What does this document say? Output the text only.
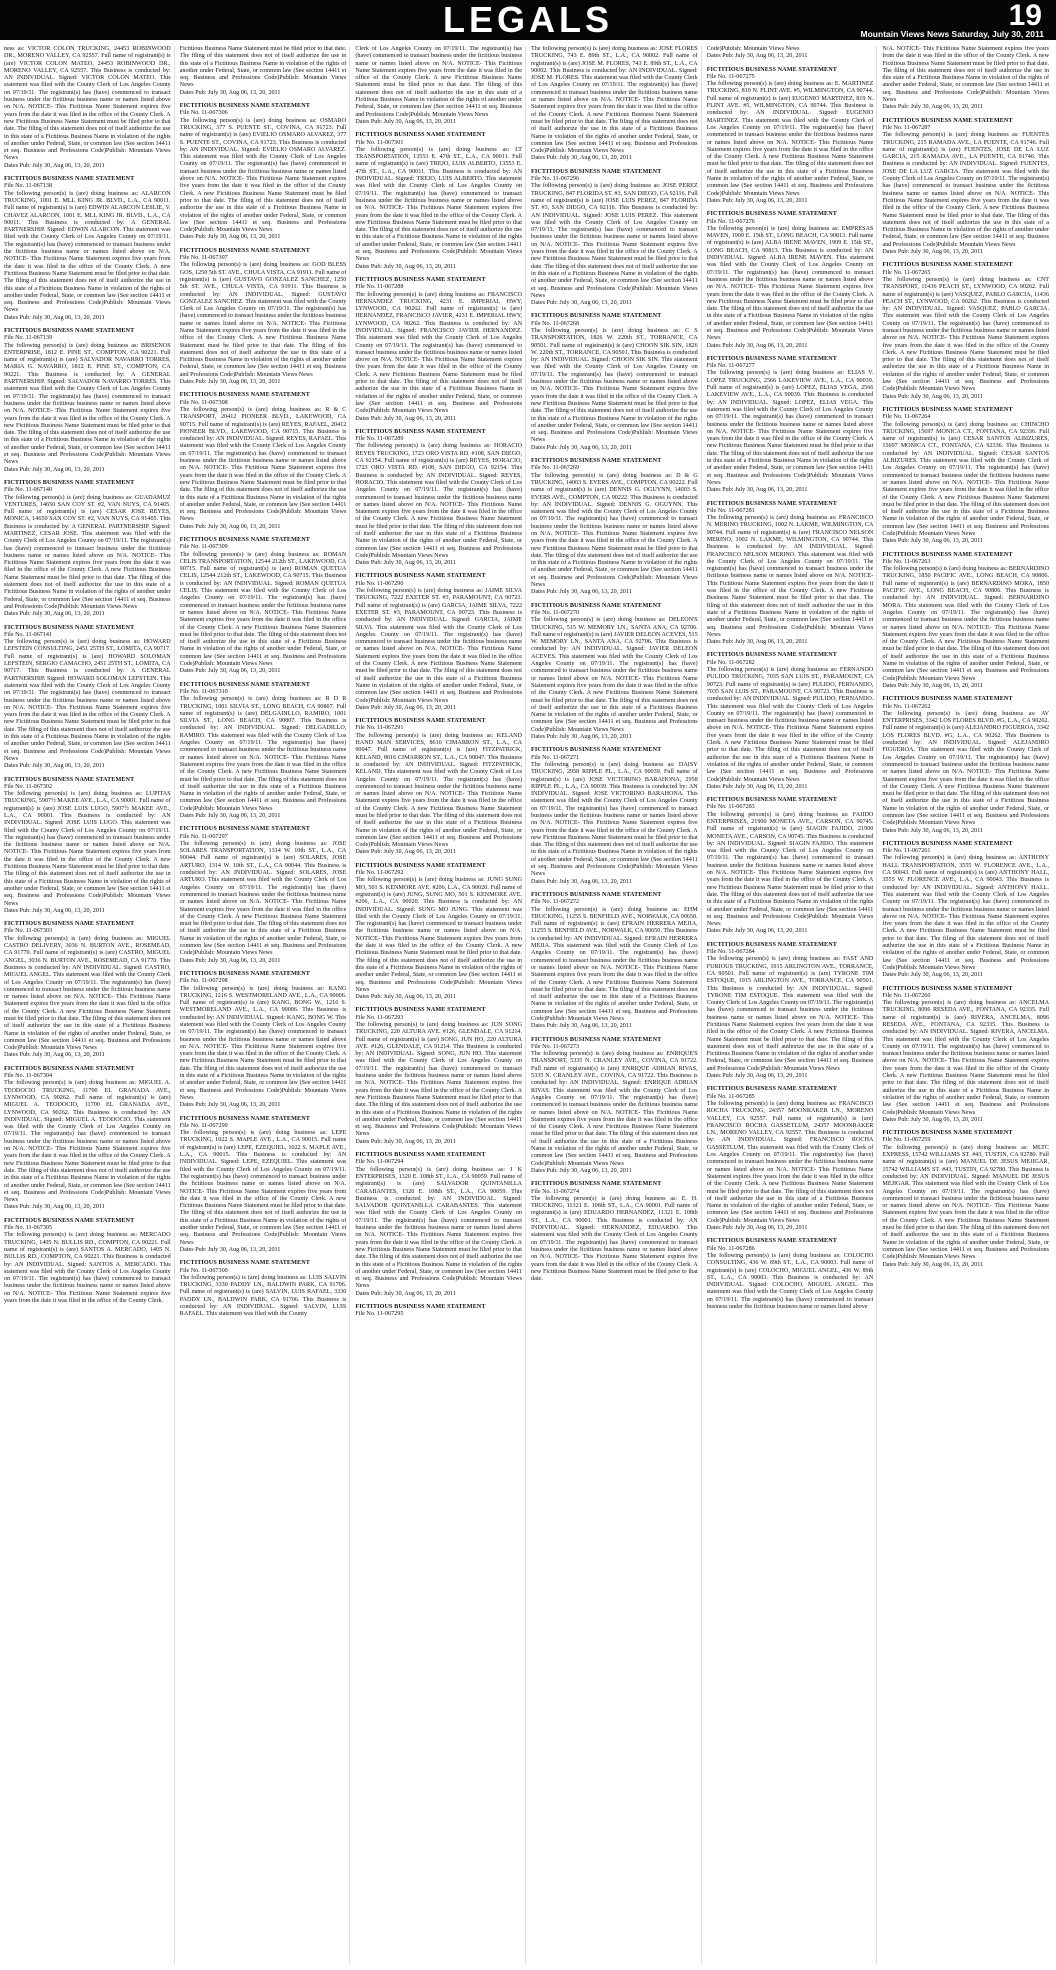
LEGALS	19
Mountain Views News Saturday, July 30, 2011
ness as: VICTOR COLON TRUCKING, 24453 ROBINWOOD DR., MORENO VALLEY, CA 92557. Full name of registrant(s) is (are) VICTOR COLON MATEO, 24453 ROBINWOOD DR., MORENO VALLEY, CA 92557. This Business is conducted by: AN INDIVIDUAL. Signed: VICTOR COLON MATEO. This statement was filed with the County Clerk of Los Angeles County on 07/19/11. The registrant(s) has (have) commenced to transact business under the fictitious business name or names listed above on N/A. NOTICE- This Fictitious Name Statement expires five years from the date it was filed in the office of the County Clerk. A new Fictitious Business Name Statement must be filed prior to that date. The filing of this statement does not of itself authorize the use in this state of a Fictitious Business Name in violation of the rights of another under Federal, State, or common law (See section 14411 et seq. Business and Professions Code)Publish: Mountain Views News
Dates Pub: July 30, Aug 06, 13, 20, 2011
FICTITIOUS BUSINESS NAME STATEMENT
File No. 11-067138
The following person(s) is (are) doing business as: ALARCON TRUCKING, 1001 E. MLL KING JR. BLVD., L.A., CA 90011. Full name of registrant(s) is (are) EDWIN ALARCON LESLIE, V. CHAVEZ ALARCON, 1001 E. MLL KING JR. BLVD., L.A., CA 90011. This Business is conducted by: A GENERAL PARTNERSHIP. Signed: EDWIN ALARCON. This statement was filed with the County Clerk of Los Angeles County on 07/19/11. The registrant(s) has (have) commenced to transact business under the fictitious business name or names listed above on N/A. NOTICE- This Fictitious Name Statement expires five years from the date it was filed in the office of the County Clerk. A new Fictitious Business Name Statement must be filed prior to that date. The filing of this statement does not of itself authorize the use in this state of a Fictitious Business Name in violation of the rights of another under Federal, State, or common law (See section 14411 et seq. Business and Professions Code)Publish: Mountain Views News
Dates Pub: July 30, Aug 06, 13, 20, 2011
FICTITIOUS BUSINESS NAME STATEMENT
File No. 11-067139
The following person(s) is (are) doing business as: BRISENOS ENTERPRISE, 1812 E. PINE ST., COMPTON, CA 90221. Full name of registrant(s) is (are) SALVADOR NAVARRO TORRES, MARIA G. NAVARRO, 1812 E. PINE ST., COMPTON, CA 90221. This Business is conducted by: A GENERAL PARTNERSHIP. Signed: SALVADOR NAVARRO TORRES. This statement was filed with the County Clerk of Los Angeles County on 07/19/11. The registrant(s) has (have) commenced to transact business under the fictitious business name or names listed above on N/A. NOTICE- This Fictitious Name Statement expires five years from the date it was filed in the office of the County Clerk. A new Fictitious Business Name Statement must be filed prior to that date. The filing of this statement does not of itself authorize the use in this state of a Fictitious Business Name in violation of the rights of another under Federal, State, or common law (See section 14411 et seq. Business and Professions Code)Publish: Mountain Views News
Dates Pub: July 30, Aug 06, 13, 20, 2011
FICTITIOUS BUSINESS NAME STATEMENT
File No. 11-067140
The following person(s) is (are) doing business as: GUADAMUZ VENTURES, 14650 SAN COY ST. #2, VAN NUYS, CA 91405. Full name of registrant(s) is (are) CESAR JOSE REYES, MONICA, 14650 SAN COY ST. #2, VAN NUYS, CA 91405. This Business is conducted by: A GENERAL PARTNERSHIP. Signed: MARTINEZ, CESAR JOSE. This statement was filed with the County Clerk of Los Angeles County on 07/19/11. The registrant(s) has (have) commenced to transact business under the fictitious business name or names listed above on N/A. NOTICE- This Fictitious Name Statement expires five years from the date it was filed in the office of the County Clerk. A new Fictitious Business Name Statement must be filed prior to that date. The filing of this statement does not of itself authorize the use in this state of a Fictitious Business Name in violation of the rights of another under Federal, State, or common law (See section 14411 et seq. Business and Professions Code)Publish: Mountain Views News
Dates Pub: July 30, Aug 06, 13, 20, 2011
FICTITIOUS BUSINESS NAME STATEMENT
File No. 11-067141
The following person(s) is (are) doing business as: HOWARD LEFSTEIN CONSULTING, 2451 25TH ST., LOMITA, CA 90717. Full name of registrant(s) is (are) HOWARD SOLOMAN LEFSTEIN, SERGIO CAMACHO, 2451 25TH ST., LOMITA, CA 90717. This Business is conducted by: A GENERAL PARTNERSHIP. Signed: HOWARD SOLOMAN LEFSTEIN. This statement was filed with the County Clerk of Los Angeles County on 07/19/11. The registrant(s) has (have) commenced to transact business under the fictitious business name or names listed above on N/A. NOTICE- This Fictitious Name Statement expires five years from the date it was filed in the office of the County Clerk. A new Fictitious Business Name Statement must be filed prior to that date. The filing of this statement does not of itself authorize the use in this state of a Fictitious Business Name in violation of the rights of another under Federal, State, or common law (See section 14411 et seq. Business and Professions Code)Publish: Mountain Views News
Dates Pub: July 30, Aug 06, 13, 20, 2011
FICTITIOUS BUSINESS NAME STATEMENT
File No. 11-067302
The following person(s) is (are) doing business as: LUPITAS TRUCKING, 5907½ MAKEE AVE., L.A., CA 90001. Full name of registrant(s) is (are) JOSE LUIS LUGO, 5907½ MAKEE AVE., L.A., CA 90001. This Business is conducted by: AN INDIVIDUAL. Signed: JOSE LUIS LUGO. This statement was filed with the County Clerk of Los Angeles County on 07/19/11. The registrant(s) has (have) commenced to transact business under the fictitious business name or names listed above on N/A. NOTICE- This Fictitious Name Statement expires five years from the date it was filed in the office of the County Clerk. A new Fictitious Business Name Statement must be filed prior to that date. The filing of this statement does not of itself authorize the use in this state of a Fictitious Business Name in violation of the rights of another under Federal, State, or common law (See section 14411 et seq. Business and Professions Code)Publish: Mountain Views News
Dates Pub: July 30, Aug 06, 13, 20, 2011
FICTITIOUS BUSINESS NAME STATEMENT
File No. 11-067303
The following person(s) is (are) doing business as: MIGUEL CASTRO DELIVERY, 3036 N. BURTON AVE., ROSEMEAD, CA 91770. Full name of registrant(s) is (are) CASTRO, MIGUEL ANGEL, 3036 N. BURTON AVE., ROSEMEAD, CA 91770. This Business is conducted by: AN INDIVIDUAL. Signed: CASTRO, MIGUEL ANGEL. This statement was filed with the County Clerk of Los Angeles County on 07/19/11. The registrant(s) has (have) commenced to transact business under the fictitious business name or names listed above on N/A. NOTICE- This Fictitious Name Statement expires five years from the date it was filed in the office of the County Clerk. A new Fictitious Business Name Statement must be filed prior to that date. The filing of this statement does not of itself authorize the use in this state of a Fictitious Business Name in violation of the rights of another under Federal, State, or common law (See section 14411 et seq. Business and Professions Code)Publish: Mountain Views News
Dates Pub: July 30, Aug 06, 13, 20, 2011
FICTITIOUS BUSINESS NAME STATEMENT
File No. 11-067304
The following person(s) is (are) doing business as: MIGUEL A. TEODOCIO TRUCKING, 11700 EL GRANADA AVE., LYNWOOD, CA 90262. Full name of registrant(s) is (are) MIGUEL A. TEODOCIO, 11700 EL GRANADA AVE., LYNWOOD, CA 90262. This Business is conducted by: AN INDIVIDUAL. Signed: MIGUEL A. TEODOCIO. This statement was filed with the County Clerk of Los Angeles County on 07/19/11. The registrant(s) has (have) commenced to transact business under the fictitious business name or names listed above on N/A. NOTICE- This Fictitious Name Statement expires five years from the date it was filed in the office of the County Clerk. A new Fictitious Business Name Statement must be filed prior to that date. The filing of this statement does not of itself authorize the use in this state of a Fictitious Business Name in violation of the rights of another under Federal, State, or common law (See section 14411 et seq. Business and Professions Code)Publish: Mountain Views News
Dates Pub: July 30, Aug 06, 13, 20, 2011
FICTITIOUS BUSINESS NAME STATEMENT
File No. 11-067305
The following person(s) is (are) doing business as: MERCADO TRUCKING, 1405 N. BULLIS RD., COMPTON, CA 90221. Full name of registrant(s) is (are) SANTOS A. MERCADO, 1405 N. BULLIS RD., COMPTON, CA 90221. This Business is conducted by: AN INDIVIDUAL. Signed: SANTOS A. MERCADO. This statement was filed with the County Clerk of Los Angeles County on 07/19/11. The registrant(s) has (have) commenced to transact business under the fictitious business name or names listed above on N/A. NOTICE- This Fictitious Name Statement expires five years from the date it was filed in the office of the County Clerk.
Fictitious Business Name Statement must be filed prior to that date. The filing of this statement does not of itself authorize the use in this state of a Fictitious Business Name in violation of the rights of another under Federal, State, or common law (See section 14411 et seq. Business and Professions Code)Publish: Mountain Views News
Dates Pub: July 30, Aug 06, 13, 20, 2011
FICTITIOUS BUSINESS NAME STATEMENT
File No. 11-067306
The following person(s) is (are) doing business as: OSMARO TRUCKING, 377 S. PUENTE ST., COVINA, CA 91723. Full name of registrant(s) is (are) EVIELIO OSMARO ALVAREZ, 377 S. PUENTE ST., COVINA, CA 91723. This Business is conducted by: AN INDIVIDUAL. Signed: EVIELIO OSMARO ALVAREZ. This statement was filed with the County Clerk of Los Angeles County on 07/19/11. The registrant(s) has (have) commenced to transact business under the fictitious business name or names listed above on N/A. NOTICE- This Fictitious Name Statement expires five years from the date it was filed in the office of the County Clerk. A new Fictitious Business Name Statement must be filed prior to that date. The filing of this statement does not of itself authorize the use in this state of a Fictitious Business Name in violation of the rights of another under Federal, State, or common law (See section 14411 et seq. Business and Professions Code)Publish: Mountain Views News
Dates Pub: July 30, Aug 06, 13, 20, 2011
FICTITIOUS BUSINESS NAME STATEMENT
File No. 11-067307
The following person(s) is (are) doing business as: GOD BLESS GOS, 1250 5th ST. AVE., CHULA VISTA, CA 91911. Full name of registrant(s) is (are) GUSTAVO GONZALEZ SANCHEZ, 1250 5th ST. AVE., CHULA VISTA, CA 91911. This Business is conducted by: AN INDIVIDUAL. Signed: GUSTAVO GONZALEZ SANCHEZ. This statement was filed with the County Clerk of Los Angeles County on 07/19/11. The registrant(s) has (have) commenced to transact business under the fictitious business name or names listed above on N/A. NOTICE- This Fictitious Name Statement expires five years from the date it was filed in the office of the County Clerk. A new Fictitious Business Name Statement must be filed prior to that date. The filing of this statement does not of itself authorize the use in this state of a Fictitious Business Name in violation of the rights of another under Federal, State, or common law (See section 14411 et seq. Business and Professions Code)Publish: Mountain Views News
Dates Pub: July 30, Aug 06, 13, 20, 2011
FICTITIOUS BUSINESS NAME STATEMENT
File No. 11-067308
The following person(s) is (are) doing business as: R & C TRANSPORT, 20412 PIONEER BLVD., LAKEWOOD, CA 90715. Full name of registrant(s) is (are) REYES, RAFAEL, 20412 PIONEER BLVD., LAKEWOOD, CA 90715. This Business is conducted by: AN INDIVIDUAL. Signed: REYES, RAFAEL. This statement was filed with the County Clerk of Los Angeles County on 07/19/11. The registrant(s) has (have) commenced to transact business under the fictitious business name or names listed above on N/A. NOTICE- This Fictitious Name Statement expires five years from the date it was filed in the office of the County Clerk. A new Fictitious Business Name Statement must be filed prior to that date. The filing of this statement does not of itself authorize the use in this state of a Fictitious Business Name in violation of the rights of another under Federal, State, or common law (See section 14411 et seq. Business and Professions Code)Publish: Mountain Views News
Dates Pub: July 30, Aug 06, 13, 20, 2011
FICTITIOUS BUSINESS NAME STATEMENT
File No. 11-067309
The following person(s) is (are) doing business as: ROMAN CELIS TRANSPORTATION, 12544 212th ST., LAKEWOOD, CA 90715. Full name of registrant(s) is (are) ROMAN QUETUA CELIS, 12544 212th ST., LAKEWOOD, CA 90715. This Business is conducted by: AN INDIVIDUAL. Signed: ROMAN QUETUA CELIS. This statement was filed with the County Clerk of Los Angeles County on 07/19/11. The registrant(s) has (have) commenced to transact business under the fictitious business name or names listed above on N/A. NOTICE- This Fictitious Name Statement expires five years from the date it was filed in the office of the County Clerk. A new Fictitious Business Name Statement must be filed prior to that date. The filing of this statement does not of itself authorize the use in this state of a Fictitious Business Name in violation of the rights of another under Federal, State, or common law (See section 14411 et seq. Business and Professions Code)Publish: Mountain Views News
Dates Pub: July 30, Aug 06, 13, 20, 2011
FICTITIOUS BUSINESS NAME STATEMENT
File No. 11-067310
The following person(s) is (are) doing business as: R D R TRUCKING, 1001 SILVIA ST., LONG BEACH, CA 90807. Full name of registrant(s) is (are) DELGADILLO, RAMIRO, 1001 SILVIA ST., LONG BEACH, CA 90807. This Business is conducted by: AN INDIVIDUAL. Signed: DELGADILLO, RAMIRO. This statement was filed with the County Clerk of Los Angeles County on 07/19/11. The registrant(s) has (have) commenced to transact business under the fictitious business name or names listed above on N/A. NOTICE- This Fictitious Name Statement expires five years from the date it was filed in the office of the County Clerk. A new Fictitious Business Name Statement must be filed prior to that date. The filing of this statement does not of itself authorize the use in this state of a Fictitious Business Name in violation of the rights of another under Federal, State, or common law (See section 14411 et seq. Business and Professions Code)Publish: Mountain Views News
Dates Pub: July 30, Aug 06, 13, 20, 2011
FICTITIOUS BUSINESS NAME STATEMENT
File No. 11-067297
The following person(s) is (are) doing business as: JOSE SOLARES TRANSPORTATION, 1314 W. 10th ST., L.A., CA 90044. Full name of registrant(s) is (are) SOLARES, JOSE ARTURO, 1314 W. 10th ST., L.A., CA 90044. This Business is conducted by: AN INDIVIDUAL. Signed: SOLARES, JOSE ARTURO. This statement was filed with the County Clerk of Los Angeles County on 07/19/11. The registrant(s) has (have) commenced to transact business under the fictitious business name or names listed above on N/A. NOTICE- This Fictitious Name Statement expires five years from the date it was filed in the office of the County Clerk. A new Fictitious Business Name Statement must be filed prior to that date. The filing of this statement does not of itself authorize the use in this state of a Fictitious Business Name in violation of the rights of another under Federal, State, or common law (See section 14411 et seq. Business and Professions Code)Publish: Mountain Views News
Dates Pub: July 30, Aug 06, 13, 20, 2011
FICTITIOUS BUSINESS NAME STATEMENT
File No. 11-067298
The following person(s) is (are) doing business as: KANG TRUCKING, 1216 S. WESTMORELAND AVE., L.A., CA 90006. Full name of registrant(s) is (are) KANG, BONG W., 1216 S. WESTMORELAND AVE., L.A., CA 90006. This Business is conducted by: AN INDIVIDUAL. Signed: KANG, BONG W. This statement was filed with the County Clerk of Los Angeles County on 07/19/11. The registrant(s) has (have) commenced to transact business under the fictitious business name or names listed above on N/A. NOTICE- This Fictitious Name Statement expires five years from the date it was filed in the office of the County Clerk. A new Fictitious Business Name Statement must be filed prior to that date. The filing of this statement does not of itself authorize the use in this state of a Fictitious Business Name in violation of the rights of another under Federal, State, or common law (See section 14411 et seq. Business and Professions Code)Publish: Mountain Views News
Dates Pub: July 30, Aug 06, 13, 20, 2011
FICTITIOUS BUSINESS NAME STATEMENT
File No. 11-067299
The following person(s) is (are) doing business as: LEPE TRUCKING, 1022 S. MAPLE AVE., L.A., CA 90015. Full name of registrant(s) is (are) LEPE, EZEQUIEL, 1022 S. MAPLE AVE., L.A., CA 90015. This Business is conducted by: AN INDIVIDUAL. Signed: LEPE, EZEQUIEL. This statement was filed with the County Clerk of Los Angeles County on 07/19/11. The registrant(s) has (have) commenced to transact business under the fictitious business name or names listed above on N/A. NOTICE- This Fictitious Name Statement expires five years from the date it was filed in the office of the County Clerk. A new Fictitious Business Name Statement must be filed prior to that date. The filing of this statement does not of itself authorize the use in this state of a Fictitious Business Name in violation of the rights of another under Federal, State, or common law (See section 14411 et seq. Business and Professions Code)Publish: Mountain Views News
Dates Pub: July 30, Aug 06, 13, 20, 2011
FICTITIOUS BUSINESS NAME STATEMENT
File No. 11-067300
The following person(s) is (are) doing business as: LUIS SALVIN TRUCKING, 3330 PADDY LN., BALDWIN PARK, CA 91706. Full name of registrant(s) is (are) SALVIN, LUIS RAFAEL, 3330 PADDY LN., BALDWIN PARK, CA 91706. This Business is conducted by: AN INDIVIDUAL. Signed: SALVIN, LUIS RAFAEL. This statement was filed with the County
Clerk of Los Angeles County on 07/19/11. The registrant(s) has (have) commenced to transact business under the fictitious business name or names listed above on N/A. NOTICE- This Fictitious Name Statement expires five years from the date it was filed in the office of the County Clerk. A new Fictitious Business Name Statement must be filed prior to that date. The filing of this statement does not of itself authorize the use in this state of a Fictitious Business Name in violation of the rights of another under Federal, State, or common law (See section 14411 et seq. Business and Professions Code)Publish: Mountain Views News
Dates Pub: July 30, Aug 06, 13, 20, 2011
FICTITIOUS BUSINESS NAME STATEMENT
File No. 11-067301
The following person(s) is (are) doing business as: LT TRANSPORTATION, 13553 E. 47th ST., L.A., CA 90011. Full name of registrant(s) is (are) TREJO, LUIS ALBERTO, 13553 E. 47th ST., L.A., CA 90011. This Business is conducted by: AN INDIVIDUAL. Signed: TREJO, LUIS ALBERTO. This statement was filed with the County Clerk of Los Angeles County on 07/19/11. The registrant(s) has (have) commenced to transact business under the fictitious business name or names listed above on N/A. NOTICE- This Fictitious Name Statement expires five years from the date it was filed in the office of the County Clerk. A new Fictitious Business Name Statement must be filed prior to that date. The filing of this statement does not of itself authorize the use in this state of a Fictitious Business Name in violation of the rights of another under Federal, State, or common law (See section 14411 et seq. Business and Professions Code)Publish: Mountain Views News
Dates Pub: July 30, Aug 06, 13, 20, 2011
FICTITIOUS BUSINESS NAME STATEMENT
File No. 11-067288
The following person(s) is (are) doing business as: FRANCISCO HERNANDEZ TRUCKING, 4231 E. IMPERIAL HWY, LYNWOOD, CA 90262. Full name of registrant(s) is (are) HERNANDEZ, FRANCISCO JAVIER, 4231 E. IMPERIAL HWY, LYNWOOD, CA 90262. This Business is conducted by: AN INDIVIDUAL. Signed: FRANCISCO JAVIER HERNANDEZ. This statement was filed with the County Clerk of Los Angeles County on 07/19/11. The registrant(s) has (have) commenced to transact business under the fictitious business name or names listed above on N/A. NOTICE- This Fictitious Name Statement expires five years from the date it was filed in the office of the County Clerk. A new Fictitious Business Name Statement must be filed prior to that date. The filing of this statement does not of itself authorize the use in this state of a Fictitious Business Name in violation of the rights of another under Federal, State, or common law (See section 14411 et seq. Business and Professions Code)Publish: Mountain Views News
Dates Pub: July 30, Aug 06, 13, 20, 2011
FICTITIOUS BUSINESS NAME STATEMENT
File No. 11-067289
The following person(s) is (are) doing business as: HORACIO REYES TRUCKING, 1723 ORO VISTA RD. #108, SAN DIEGO, CA 92154. Full name of registrant(s) is (are) REYES, HORACIO, 1723 ORO VISTA RD. #108, SAN DIEGO, CA 92154. This Business is conducted by: AN INDIVIDUAL. Signed: REYES, HORACIO. This statement was filed with the County Clerk of Los Angeles County on 07/19/11. The registrant(s) has (have) commenced to transact business under the fictitious business name or names listed above on N/A. NOTICE- This Fictitious Name Statement expires five years from the date it was filed in the office of the County Clerk. A new Fictitious Business Name Statement must be filed prior to that date. The filing of this statement does not of itself authorize the use in this state of a Fictitious Business Name in violation of the rights of another under Federal, State, or common law (See section 14411 et seq. Business and Professions Code)Publish: Mountain Views News
Dates Pub: July 30, Aug 06, 13, 20, 2011
FICTITIOUS BUSINESS NAME STATEMENT
File No. 11-067290
The following person(s) is (are) doing business as: JAIME SILVA TRUCKING, 7222 EXETER ST. #3, PARAMOUNT, CA 90723. Full name of registrant(s) is (are) GARCIA, JAIME SILVA, 7222 EXETER ST. #3, PARAMOUNT, CA 90723. This Business is conducted by: AN INDIVIDUAL. Signed: GARCIA, JAIME SILVA. This statement was filed with the County Clerk of Los Angeles County on 07/19/11. The registrant(s) has (have) commenced to transact business under the fictitious business name or names listed above on N/A. NOTICE- This Fictitious Name Statement expires five years from the date it was filed in the office of the County Clerk. A new Fictitious Business Name Statement must be filed prior to that date. The filing of this statement does not of itself authorize the use in this state of a Fictitious Business Name in violation of the rights of another under Federal, State, or common law (See section 14411 et seq. Business and Professions Code)Publish: Mountain Views News
Dates Pub: July 30, Aug 06, 13, 20, 2011
FICTITIOUS BUSINESS NAME STATEMENT
File No. 11-067291
The following person(s) is (are) doing business as: KELAND HAND MAN SERVICES, 8616 CIMARRON ST., L.A., CA 90047. Full name of registrant(s) is (are) FITZPATRICK, KELAND, 8616 CIMARRON ST., L.A., CA 90047. This Business is conducted by: AN INDIVIDUAL. Signed: FITZPATRICK, KELAND. This statement was filed with the County Clerk of Los Angeles County on 07/19/11. The registrant(s) has (have) commenced to transact business under the fictitious business name or names listed above on N/A. NOTICE- This Fictitious Name Statement expires five years from the date it was filed in the office of the County Clerk. A new Fictitious Business Name Statement must be filed prior to that date. The filing of this statement does not of itself authorize the use in this state of a Fictitious Business Name in violation of the rights of another under Federal, State, or common law (See section 14411 et seq. Business and Professions Code)Publish: Mountain Views News
Dates Pub: July 30, Aug 06, 13, 20, 2011
FICTITIOUS BUSINESS NAME STATEMENT
File No. 11-067292
The following person(s) is (are) doing business as: JUNG SUNG MO, 501 S. KENMORE AVE. #206, L.A., CA 90020. Full name of registrant(s) is (are) JUNG, SUNG MO, 501 S. KENMORE AVE. #206, L.A., CA 90020. This Business is conducted by: AN INDIVIDUAL. Signed: SUNG MO JUNG. This statement was filed with the County Clerk of Los Angeles County on 07/19/11. The registrant(s) has (have) commenced to transact business under the fictitious business name or names listed above on N/A. NOTICE- This Fictitious Name Statement expires five years from the date it was filed in the office of the County Clerk. A new Fictitious Business Name Statement must be filed prior to that date. The filing of this statement does not of itself authorize the use in this state of a Fictitious Business Name in violation of the rights of another under Federal, State, or common law (See section 14411 et seq. Business and Professions Code)Publish: Mountain Views News
Dates Pub: July 30, Aug 06, 13, 20, 2011
FICTITIOUS BUSINESS NAME STATEMENT
File No. 11-067293
The following person(s) is (are) doing business as: JUN SONG TRUCKING, 220 ALTURA AVE. #126, GLENDALE, CA 91214. Full name of registrant(s) is (are) SONG, JUN HO, 220 ALTURA AVE. #126, GLENDALE, CA 91214. This Business is conducted by: AN INDIVIDUAL. Signed: SONG, JUN HO. This statement was filed with the County Clerk of Los Angeles County on 07/19/11. The registrant(s) has (have) commenced to transact business under the fictitious business name or names listed above on N/A. NOTICE- This Fictitious Name Statement expires five years from the date it was filed in the office of the County Clerk. A new Fictitious Business Name Statement must be filed prior to that date. The filing of this statement does not of itself authorize the use in this state of a Fictitious Business Name in violation of the rights of another under Federal, State, or common law (See section 14411 et seq. Business and Professions Code)Publish: Mountain Views News
Dates Pub: July 30, Aug 06, 13, 20, 2011
FICTITIOUS BUSINESS NAME STATEMENT
File No. 11-067294
The following person(s) is (are) doing business as: J K ENTERPRISES, 1320 E. 108th ST., L.A., CA 90059. Full name of registrant(s) is (are) SALVADOR QUINTANILLA CARABANTES, 1320 E. 108th ST., L.A., CA 90059. This Business is conducted by: AN INDIVIDUAL. Signed: SALVADOR QUINTANILLA CARABANTES. This statement was filed with the County Clerk of Los Angeles County on 07/19/11. The registrant(s) has (have) commenced to transact business under the fictitious business name or names listed above on N/A. NOTICE- This Fictitious Name Statement expires five years from the date it was filed in the office of the County Clerk. A new Fictitious Business Name Statement must be filed prior to that date. The filing of this statement does not of itself authorize the use in this state of a Fictitious Business Name in violation of the rights of another under Federal, State, or common law (See section 14411 et seq. Business and Professions Code)Publish: Mountain Views News
Dates Pub: July 30, Aug 06, 13, 20, 2011
FICTITIOUS BUSINESS NAME STATEMENT
File No. 11-067295
The following person(s) is (are) doing business as: JOSE FLORES TRUCKING, 743 E. 89th ST., L.A., CA 90002. Full name of registrant(s) is (are) JOSE M. FLORES, 743 E. 89th ST., L.A., CA 90002. This Business is conducted by: AN INDIVIDUAL. Signed: JOSE M. FLORES. This statement was filed with the County Clerk of Los Angeles County on 07/19/11. The registrant(s) has (have) commenced to transact business under the fictitious business name or names listed above on N/A. NOTICE- This Fictitious Name Statement expires five years from the date it was filed in the office of the County Clerk. A new Fictitious Business Name Statement must be filed prior to that date. The filing of this statement does not of itself authorize the use in this state of a Fictitious Business Name in violation of the rights of another under Federal, State, or common law (See section 14411 et seq. Business and Professions Code)Publish: Mountain Views News
Dates Pub: July 30, Aug 06, 13, 20, 2011
FICTITIOUS BUSINESS NAME STATEMENT
File No. 11-067296
The following person(s) is (are) doing business as: JOSE PEREZ TRUCKING, 847 FLORIDA ST. #3, SAN DIEGO, CA 92116. Full name of registrant(s) is (are) JOSE LUIS PEREZ, 847 FLORIDA ST. #3, SAN DIEGO, CA 92116. This Business is conducted by: AN INDIVIDUAL. Signed: JOSE LUIS PEREZ. This statement was filed with the County Clerk of Los Angeles County on 07/19/11. The registrant(s) has (have) commenced to transact business under the fictitious business name or names listed above on N/A. NOTICE- This Fictitious Name Statement expires five years from the date it was filed in the office of the County Clerk. A new Fictitious Business Name Statement must be filed prior to that date. The filing of this statement does not of itself authorize the use in this state of a Fictitious Business Name in violation of the rights of another under Federal, State, or common law (See section 14411 et seq. Business and Professions Code)Publish: Mountain Views News
Dates Pub: July 30, Aug 06, 13, 20, 2011
FICTITIOUS BUSINESS NAME STATEMENT
File No. 11-067268
The following person(s) is (are) doing business as: C S TRANSPORTATION, 1826 W. 220th ST., TORRANCE, CA 90501. Full name of registrant(s) is (are) CHOON SIK SIN, 1826 W. 220th ST., TORRANCE, CA 90501. This Business is conducted by: AN INDIVIDUAL. Signed: CHOON SIK SIN. This statement was filed with the County Clerk of Los Angeles County on 07/19/11. The registrant(s) has (have) commenced to transact business under the fictitious business name or names listed above on N/A. NOTICE- This Fictitious Name Statement expires five years from the date it was filed in the office of the County Clerk. A new Fictitious Business Name Statement must be filed prior to that date. The filing of this statement does not of itself authorize the use in this state of a Fictitious Business Name in violation of the rights of another under Federal, State, or common law (See section 14411 et seq. Business and Professions Code)Publish: Mountain Views News
Dates Pub: July 30, Aug 06, 13, 20, 2011
FICTITIOUS BUSINESS NAME STATEMENT
File No. 11-067269
The following person(s) is (are) doing business as: D & G TRUCKING, 14003 S. EVERS AVE., COMPTON, CA 90222. Full name of registrant(s) is (are) DENNIS G. OGUYNN, 14003 S. EVERS AVE., COMPTON, CA 90222. This Business is conducted by: AN INDIVIDUAL. Signed: DENNIS G. OGUYNN. This statement was filed with the County Clerk of Los Angeles County on 07/19/11. The registrant(s) has (have) commenced to transact business under the fictitious business name or names listed above on N/A. NOTICE- This Fictitious Name Statement expires five years from the date it was filed in the office of the County Clerk. A new Fictitious Business Name Statement must be filed prior to that date. The filing of this statement does not of itself authorize the use in this state of a Fictitious Business Name in violation of the rights of another under Federal, State, or common law (See section 14411 et seq. Business and Professions Code)Publish: Mountain Views News
Dates Pub: July 30, Aug 06, 13, 20, 2011
FICTITIOUS BUSINESS NAME STATEMENT
File No. 11-067270
The following person(s) is (are) doing business as: DELEON'S TRUCKING, 515 W. MEMORY LN., SANTA ANA, CA 92706. Full name of registrant(s) is (are) JAVIER DELEON ACEVES, 515 W. MEMORY LN., SANTA ANA, CA 92706. This Business is conducted by: AN INDIVIDUAL. Signed: JAVIER DELEON ACEVES. This statement was filed with the County Clerk of Los Angeles County on 07/19/11. The registrant(s) has (have) commenced to transact business under the fictitious business name or names listed above on N/A. NOTICE- This Fictitious Name Statement expires five years from the date it was filed in the office of the County Clerk. A new Fictitious Business Name Statement must be filed prior to that date. The filing of this statement does not of itself authorize the use in this state of a Fictitious Business Name in violation of the rights of another under Federal, State, or common law (See section 14411 et seq. Business and Professions Code)Publish: Mountain Views News
Dates Pub: July 30, Aug 06, 13, 20, 2011
FICTITIOUS BUSINESS NAME STATEMENT
File No. 11-067271
The following person(s) is (are) doing business as: DAISY TRUCKING, 2958 RIPPLE PL., L.A., CA 90039. Full name of registrant(s) is (are) JOSE VICTORINO BARAHONA, 2958 RIPPLE PL., L.A., CA 90039. This Business is conducted by: AN INDIVIDUAL. Signed: JOSE VICTORINO BARAHONA. This statement was filed with the County Clerk of Los Angeles County on 07/19/11. The registrant(s) has (have) commenced to transact business under the fictitious business name or names listed above on N/A. NOTICE- This Fictitious Name Statement expires five years from the date it was filed in the office of the County Clerk. A new Fictitious Business Name Statement must be filed prior to that date. The filing of this statement does not of itself authorize the use in this state of a Fictitious Business Name in violation of the rights of another under Federal, State, or common law (See section 14411 et seq. Business and Professions Code)Publish: Mountain Views News
Dates Pub: July 30, Aug 06, 13, 20, 2011
FICTITIOUS BUSINESS NAME STATEMENT
File No. 11-067272
The following person(s) is (are) doing business as: EHM TRUCKING, 11255 S. BENFIELD AVE., NORWALK, CA 90650. Full name of registrant(s) is (are) EFRAIN HERRERA MEJIA, 11255 S. BENFIELD AVE., NORWALK, CA 90650. This Business is conducted by: AN INDIVIDUAL. Signed: EFRAIN HERRERA MEJIA. This statement was filed with the County Clerk of Los Angeles County on 07/19/11. The registrant(s) has (have) commenced to transact business under the fictitious business name or names listed above on N/A. NOTICE- This Fictitious Name Statement expires five years from the date it was filed in the office of the County Clerk. A new Fictitious Business Name Statement must be filed prior to that date. The filing of this statement does not of itself authorize the use in this state of a Fictitious Business Name in violation of the rights of another under Federal, State, or common law (See section 14411 et seq. Business and Professions Code)Publish: Mountain Views News
Dates Pub: July 30, Aug 06, 13, 20, 2011
FICTITIOUS BUSINESS NAME STATEMENT
File No. 11-067273
The following person(s) is (are) doing business as: ENRIQUE'S TRANSPORT, 5335 N. CRANLEY AVE., COVINA, CA 91722. Full name of registrant(s) is (are) ENRIQUE ADRIAN RIVAS, 5335 N. CRANLEY AVE., COVINA, CA 91722. This Business is conducted by: AN INDIVIDUAL. Signed: ENRIQUE ADRIAN RIVAS. This statement was filed with the County Clerk of Los Angeles County on 07/19/11. The registrant(s) has (have) commenced to transact business under the fictitious business name or names listed above on N/A. NOTICE- This Fictitious Name Statement expires five years from the date it was filed in the office of the County Clerk. A new Fictitious Business Name Statement must be filed prior to that date. The filing of this statement does not of itself authorize the use in this state of a Fictitious Business Name in violation of the rights of another under Federal, State, or common law (See section 14411 et seq. Business and Professions Code)Publish: Mountain Views News
Dates Pub: July 30, Aug 06, 13, 20, 2011
FICTITIOUS BUSINESS NAME STATEMENT
File No. 11-067274
The following person(s) is (are) doing business as: E. H. TRUCKING, 11321 E. 108th ST., L.A., CA 90001. Full name of registrant(s) is (are) EDUARDO HERNANDEZ, 11321 E. 108th ST., L.A., CA 90001. This Business is conducted by: AN INDIVIDUAL. Signed: HERNANDEZ, EDUARDO. This statement was filed with the County Clerk of Los Angeles County on 07/19/11. The registrant(s) has (have) commenced to transact business under the fictitious business name or names listed above on N/A. NOTICE- This Fictitious Name Statement expires five years from the date it was filed in the office of the County Clerk. A new Fictitious Business Name Statement must be filed prior to that date.
Code)Publish: Mountain Views News
Dates Pub: July 30, Aug 06, 13, 20, 2011
FICTITIOUS BUSINESS NAME STATEMENT
File No. 11-067275
The following person(s) is (are) doing business as: E. MARTINEZ TRUCKING, 819 N. FLINT AVE. #5, WILMINGTON, CA 90744. Full name of registrant(s) is (are) EUGENIO MARTINEZ, 819 N. FLINT AVE. #5, WILMINGTON, CA 90744. This Business is conducted by: AN INDIVIDUAL. Signed: EUGENIO MARTINEZ. This statement was filed with the County Clerk of Los Angeles County on 07/19/11. The registrant(s) has (have) commenced to transact business under the fictitious business name or names listed above on N/A. NOTICE- This Fictitious Name Statement expires five years from the date it was filed in the office of the County Clerk. A new Fictitious Business Name Statement must be filed prior to that date. The filing of this statement does not of itself authorize the use in this state of a Fictitious Business Name in violation of the rights of another under Federal, State, or common law (See section 14411 et seq. Business and Professions Code)Publish: Mountain Views News
Dates Pub: July 30, Aug 06, 13, 20, 2011
FICTITIOUS BUSINESS NAME STATEMENT
File No. 11-067276
The following person(s) is (are) doing business as: EMPRESAS MAVEN, 1909 E. 15th ST., LONG BEACH, CA 90813. Full name of registrant(s) is (are) ALBA IRENE MAVEN, 1909 E. 15th ST., LONG BEACH, CA 90813. This Business is conducted by: AN INDIVIDUAL. Signed: ALBA IRENE MAVEN. This statement was filed with the County Clerk of Los Angeles County on 07/19/11. The registrant(s) has (have) commenced to transact business under the fictitious business name or names listed above on N/A. NOTICE- This Fictitious Name Statement expires five years from the date it was filed in the office of the County Clerk. A new Fictitious Business Name Statement must be filed prior to that date. The filing of this statement does not of itself authorize the use in this state of a Fictitious Business Name in violation of the rights of another under Federal, State, or common law (See section 14411 et seq. Business and Professions Code)Publish: Mountain Views News
Dates Pub: July 30, Aug 06, 13, 20, 2011
FICTITIOUS BUSINESS NAME STATEMENT
File No. 11-067277
The following person(s) is (are) doing business as: ELIAS V. LOPEZ TRUCKING, 2566 LAKEVIEW AVE., L.A., CA 90039. Full name of registrant(s) is (are) LOPEZ, ELIAS VEGA, 2566 LAKEVIEW AVE., L.A., CA 90039. This Business is conducted by: AN INDIVIDUAL. Signed: LOPEZ, ELIAS VEGA. This statement was filed with the County Clerk of Los Angeles County on 07/19/11. The registrant(s) has (have) commenced to transact business under the fictitious business name or names listed above on N/A. NOTICE- This Fictitious Name Statement expires five years from the date it was filed in the office of the County Clerk. A new Fictitious Business Name Statement must be filed prior to that date. The filing of this statement does not of itself authorize the use in this state of a Fictitious Business Name in violation of the rights of another under Federal, State, or common law (See section 14411 et seq. Business and Professions Code)Publish: Mountain Views News
Dates Pub: July 30, Aug 06, 13, 20, 2011
FICTITIOUS BUSINESS NAME STATEMENT
File No. 11-067281
The following person(s) is (are) doing business as: FRANCISCO N. MERINO TRUCKING, 1002 N. LAKME, WILMINGTON, CA 90744. Full name of registrant(s) is (are) FRANCISCO NELSON MERINO, 1002 N. LAKME, WILMINGTON, CA 90744. This Business is conducted by: AN INDIVIDUAL. Signed: FRANCISCO NELSON MERINO. This statement was filed with the County Clerk of Los Angeles County on 07/19/11. The registrant(s) has (have) commenced to transact business under the fictitious business name or names listed above on N/A. NOTICE- This Fictitious Name Statement expires five years from the date it was filed in the office of the County Clerk. A new Fictitious Business Name Statement must be filed prior to that date. The filing of this statement does not of itself authorize the use in this state of a Fictitious Business Name in violation of the rights of another under Federal, State, or common law (See section 14411 et seq. Business and Professions Code)Publish: Mountain Views News
Dates Pub: July 30, Aug 06, 13, 20, 2011
FICTITIOUS BUSINESS NAME STATEMENT
File No. 11-067282
The following person(s) is (are) doing business as: FERNANDO PULIDO TRUCKING, 7035 SAN LUIS ST., PARAMOUNT, CA 90723. Full name of registrant(s) is (are) PULIDO, FERNANDO, 7035 SAN LUIS ST., PARAMOUNT, CA 90723. This Business is conducted by: AN INDIVIDUAL. Signed: PULIDO, FERNANDO. This statement was filed with the County Clerk of Los Angeles County on 07/19/11. The registrant(s) has (have) commenced to transact business under the fictitious business name or names listed above on N/A. NOTICE- This Fictitious Name Statement expires five years from the date it was filed in the office of the County Clerk. A new Fictitious Business Name Statement must be filed prior to that date. The filing of this statement does not of itself authorize the use in this state of a Fictitious Business Name in violation of the rights of another under Federal, State, or common law (See section 14411 et seq. Business and Professions Code)Publish: Mountain Views News
Dates Pub: July 30, Aug 06, 13, 20, 2011
FICTITIOUS BUSINESS NAME STATEMENT
File No. 11-067283
The following person(s) is (are) doing business as: FAJIDO ENTERPRISES, 21900 MONETA AVE., CARSON, CA 90745. Full name of registrant(s) is (are) SIAGIN FAJIDO, 21900 MONETA AVE., CARSON, CA 90745. This Business is conducted by: AN INDIVIDUAL. Signed: SIAGIN FAJIDO. This statement was filed with the County Clerk of Los Angeles County on 07/19/11. The registrant(s) has (have) commenced to transact business under the fictitious business name or names listed above on N/A. NOTICE- This Fictitious Name Statement expires five years from the date it was filed in the office of the County Clerk. A new Fictitious Business Name Statement must be filed prior to that date. The filing of this statement does not of itself authorize the use in this state of a Fictitious Business Name in violation of the rights of another under Federal, State, or common law (See section 14411 et seq. Business and Professions Code)Publish: Mountain Views News
Dates Pub: July 30, Aug 06, 13, 20, 2011
FICTITIOUS BUSINESS NAME STATEMENT
File No. 11-067284
The following person(s) is (are) doing business as: FAST AND FURIOUS TRUCKING, 1915 ARLINGTON AVE., TORRANCE, CA 90501. Full name of registrant(s) is (are) TYRONE TIM ESTOQUE, 1915 ARLINGTON AVE., TORRANCE, CA 90501. This Business is conducted by: AN INDIVIDUAL. Signed: TYRONE TIM ESTOQUE. This statement was filed with the County Clerk of Los Angeles County on 07/19/11. The registrant(s) has (have) commenced to transact business under the fictitious business name or names listed above on N/A. NOTICE- This Fictitious Name Statement expires five years from the date it was filed in the office of the County Clerk. A new Fictitious Business Name Statement must be filed prior to that date. The filing of this statement does not of itself authorize the use in this state of a Fictitious Business Name in violation of the rights of another under Federal, State, or common law (See section 14411 et seq. Business and Professions Code)Publish: Mountain Views News
Dates Pub: July 30, Aug 06, 13, 20, 2011
FICTITIOUS BUSINESS NAME STATEMENT
File No. 11-067285
The following person(s) is (are) doing business as: FRANCISCO ROCHA TRUCKING, 24357 MOONRAKER LN., MORENO VALLEY, CA 92557. Full name of registrant(s) is (are) FRANCISCO ROCHA GASSETLUM, 24357 MOONRAKER LN., MORENO VALLEY, CA 92557. This Business is conducted by: AN INDIVIDUAL. Signed: FRANCISCO ROCHA GASSETLUM. This statement was filed with the County Clerk of Los Angeles County on 07/19/11. The registrant(s) has (have) commenced to transact business under the fictitious business name or names listed above on N/A. NOTICE- This Fictitious Name Statement expires five years from the date it was filed in the office of the County Clerk. A new Fictitious Business Name Statement must be filed prior to that date. The filing of this statement does not of itself authorize the use in this state of a Fictitious Business Name in violation of the rights of another under Federal, State, or common law (See section 14411 et seq. Business and Professions Code)Publish: Mountain Views News
Dates Pub: July 30, Aug 06, 13, 20, 2011
FICTITIOUS BUSINESS NAME STATEMENT
File No. 11-067286
The following person(s) is (are) doing business as: COLOCHO CONSULTING, 436 W. 89th ST., L.A., CA 90003. Full name of registrant(s) is (are) COLOCHO, MIGUEL ANGEL, 436 W. 89th ST., L.A., CA 90003. This Business is conducted by: AN INDIVIDUAL. Signed: COLOCHO, MIGUEL ANGEL. This statement was filed with the County Clerk of Los Angeles County on 07/19/11. The registrant(s) has (have) commenced to transact business under the fictitious business name or names listed above
N/A. NOTICE- This Fictitious Name Statement expires five years from the date it was filed in the office of the County Clerk. A new Fictitious Business Name Statement must be filed prior to that date. The filing of this statement does not of itself authorize the use in this state of a Fictitious Business Name in violation of the rights of another under Federal, State, or common law (See section 14411 et seq. Business and Professions Code)Publish: Mountain Views News
Dates Pub: July 30, Aug 06, 13, 20, 2011
FICTITIOUS BUSINESS NAME STATEMENT
File No. 11-067287
The following person(s) is (are) doing business as: FUENTES TRUCKING, 215 RAMADA AVE., LA PUENTE, CA 91746. Full name of registrant(s) is (are) FUENTES, JOSE DE LA LUZ GARCIA, 215 RAMADA AVE., LA PUENTE, CA 91746. This Business is conducted by: AN INDIVIDUAL. Signed: FUENTES, JOSE DE LA LUZ GARCIA. This statement was filed with the County Clerk of Los Angeles County on 07/19/11. The registrant(s) has (have) commenced to transact business under the fictitious business name or names listed above on N/A. NOTICE- This Fictitious Name Statement expires five years from the date it was filed in the office of the County Clerk. A new Fictitious Business Name Statement must be filed prior to that date. The filing of this statement does not of itself authorize the use in this state of a Fictitious Business Name in violation of the rights of another under Federal, State, or common law (See section 14411 et seq. Business and Professions Code)Publish: Mountain Views News
Dates Pub: July 30, Aug 06, 13, 20, 2011
FICTITIOUS BUSINESS NAME STATEMENT
File No. 11-067265
The following person(s) is (are) doing business as: CNT TRANSPORT, 11436 PEACH ST., LYNWOOD, CA 90262. Full name of registrant(s) is (are) VASQUEZ, PABLO GARCIA, 11436 PEACH ST., LYNWOOD, CA 90262. This Business is conducted by: AN INDIVIDUAL. Signed: VASQUEZ, PABLO GARCIA. This statement was filed with the County Clerk of Los Angeles County on 07/19/11. The registrant(s) has (have) commenced to transact business under the fictitious business name or names listed above on N/A. NOTICE- This Fictitious Name Statement expires five years from the date it was filed in the office of the County Clerk. A new Fictitious Business Name Statement must be filed prior to that date. The filing of this statement does not of itself authorize the use in this state of a Fictitious Business Name in violation of the rights of another under Federal, State, or common law (See section 14411 et seq. Business and Professions Code)Publish: Mountain Views News
Dates Pub: July 30, Aug 06, 13, 20, 2011
FICTITIOUS BUSINESS NAME STATEMENT
File No. 11-067264
The following person(s) is (are) doing business as: CHINCHO TRUCKING, 15697 MONICA CT., FONTANA, CA 92336. Full name of registrant(s) is (are) CESAR SANTOS ALBIZURES, 15697 MONICA CT., FONTANA, CA 92336. This Business is conducted by: AN INDIVIDUAL. Signed: CESAR SANTOS ALBIZURES. This statement was filed with the County Clerk of Los Angeles County on 07/19/11. The registrant(s) has (have) commenced to transact business under the fictitious business name or names listed above on N/A. NOTICE- This Fictitious Name Statement expires five years from the date it was filed in the office of the County Clerk. A new Fictitious Business Name Statement must be filed prior to that date. The filing of this statement does not of itself authorize the use in this state of a Fictitious Business Name in violation of the rights of another under Federal, State, or common law (See section 14411 et seq. Business and Professions Code)Publish: Mountain Views News
Dates Pub: July 30, Aug 06, 13, 20, 2011
FICTITIOUS BUSINESS NAME STATEMENT
File No. 11-067263
The following person(s) is (are) doing business as: BERNARDINO TRUCKING, 1850 PACIFIC AVE., LONG BEACH, CA 90806. Full name of registrant(s) is (are) BERNARDINO MORA, 1850 PACIFIC AVE., LONG BEACH, CA 90806. This Business is conducted by: AN INDIVIDUAL. Signed: BERNARDINO MORA. This statement was filed with the County Clerk of Los Angeles County on 07/19/11. The registrant(s) has (have) commenced to transact business under the fictitious business name or names listed above on N/A. NOTICE- This Fictitious Name Statement expires five years from the date it was filed in the office of the County Clerk. A new Fictitious Business Name Statement must be filed prior to that date. The filing of this statement does not of itself authorize the use in this state of a Fictitious Business Name in violation of the rights of another under Federal, State, or common law (See section 14411 et seq. Business and Professions Code)Publish: Mountain Views News
Dates Pub: July 30, Aug 06, 13, 20, 2011
FICTITIOUS BUSINESS NAME STATEMENT
File No. 11-067262
The following person(s) is (are) doing business as: AV ENTERPRISES, 3342 LOS FLORES BLVD. #G, L.A., CA 90262. Full name of registrant(s) is (are) ALEJANDRO FIGUEROA, 3342 LOS FLORES BLVD. #G, L.A., CA 90262. This Business is conducted by: AN INDIVIDUAL. Signed: ALEJANDRO FIGUEROA. This statement was filed with the County Clerk of Los Angeles County on 07/19/11. The registrant(s) has (have) commenced to transact business under the fictitious business name or names listed above on N/A. NOTICE- This Fictitious Name Statement expires five years from the date it was filed in the office of the County Clerk. A new Fictitious Business Name Statement must be filed prior to that date. The filing of this statement does not of itself authorize the use in this state of a Fictitious Business Name in violation of the rights of another under Federal, State, or common law (See section 14411 et seq. Business and Professions Code)Publish: Mountain Views News
Dates Pub: July 30, Aug 06, 13, 20, 2011
FICTITIOUS BUSINESS NAME STATEMENT
File No. 11-067261
The following person(s) is (are) doing business as: ANTHONY HALL TRANSPORTATION, 3555 W. FLORENCE AVE., L.A., CA 90043. Full name of registrant(s) is (are) ANTHONY HALL, 3555 W. FLORENCE AVE., L.A., CA 90043. This Business is conducted by: AN INDIVIDUAL. Signed: ANTHONY HALL. This statement was filed with the County Clerk of Los Angeles County on 07/19/11. The registrant(s) has (have) commenced to transact business under the fictitious business name or names listed above on N/A. NOTICE- This Fictitious Name Statement expires five years from the date it was filed in the office of the County Clerk. A new Fictitious Business Name Statement must be filed prior to that date. The filing of this statement does not of itself authorize the use in this state of a Fictitious Business Name in violation of the rights of another under Federal, State, or common law (See section 14411 et seq. Business and Professions Code)Publish: Mountain Views News
Dates Pub: July 30, Aug 06, 13, 20, 2011
FICTITIOUS BUSINESS NAME STATEMENT
File No. 11-067260
The following person(s) is (are) doing business as: ANCELMA TRUCKING, 8096 RESEDA AVE., FONTANA, CA 92335. Full name of registrant(s) is (are) RIVERA, ANCELMA, 8096 RESEDA AVE., FONTANA, CA 92335. This Business is conducted by: AN INDIVIDUAL. Signed: RIVERA, ANCELMA. This statement was filed with the County Clerk of Los Angeles County on 07/19/11. The registrant(s) has (have) commenced to transact business under the fictitious business name or names listed above on N/A. NOTICE- This Fictitious Name Statement expires five years from the date it was filed in the office of the County Clerk. A new Fictitious Business Name Statement must be filed prior to that date. The filing of this statement does not of itself authorize the use in this state of a Fictitious Business Name in violation of the rights of another under Federal, State, or common law (See section 14411 et seq. Business and Professions Code)Publish: Mountain Views News
Dates Pub: July 30, Aug 06, 13, 20, 2011
FICTITIOUS BUSINESS NAME STATEMENT
File No. 11-067259
The following person(s) is (are) doing business as: MLTC EXPRESS, 15742 WILLIAMS ST. #43, TUSTIN, CA 92780. Full name of registrant(s) is (are) MANUEL DE JESUS MEJIGAR, 15742 WILLIAMS ST. #43, TUSTIN, CA 92780. This Business is conducted by: AN INDIVIDUAL. Signed: MANUEL DE JESUS MEJIGAR. This statement was filed with the County Clerk of Los Angeles County on 07/19/11. The registrant(s) has (have) commenced to transact business under the fictitious business name or names listed above on N/A. NOTICE- This Fictitious Name Statement expires five years from the date it was filed in the office of the County Clerk. A new Fictitious Business Name Statement must be filed prior to that date. The filing of this statement does not of itself authorize the use in this state of a Fictitious Business Name in violation of the rights of another under Federal, State, or common law (See section 14411 et seq. Business and Professions Code)Publish: Mountain Views News
Dates Pub: July 30, Aug 06, 13, 20, 2011
